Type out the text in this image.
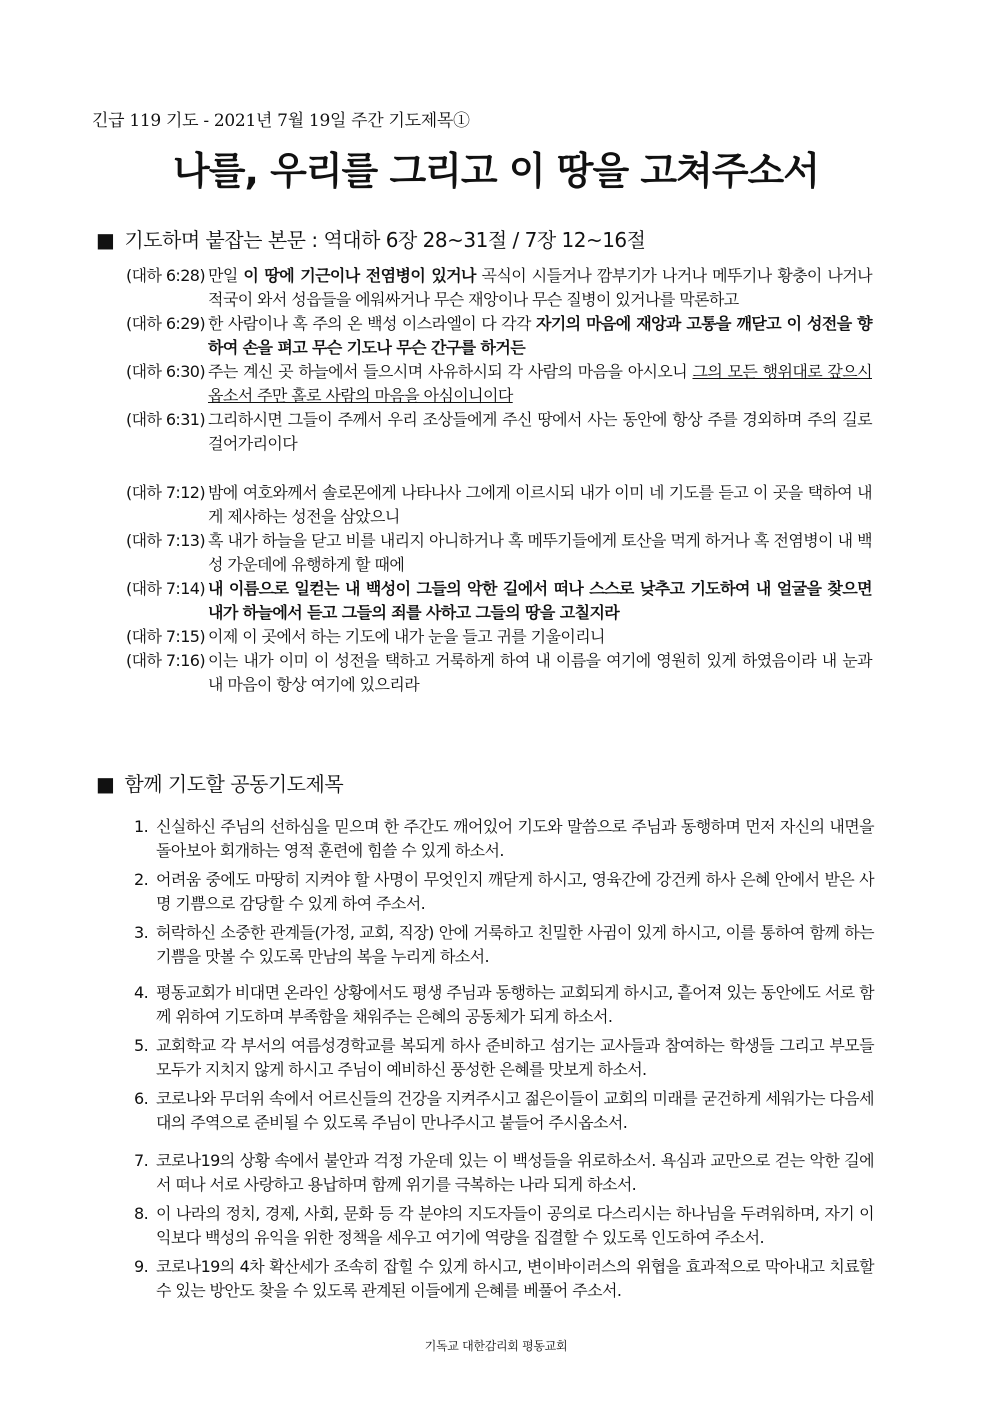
긴급 119 기도 - 2021년 7월 19일 주간 기도제목①
나를, 우리를 그리고 이 땅을 고쳐주소서
■ 기도하며 붙잡는 본문 : 역대하 6장 28~31절 / 7장 12~16절
(대하 6:28) 만일 이 땅에 기근이나 전염병이 있거나 곡식이 시들거나 깜부기가 나거나 메뚜기나 황충이 나거나 적국이 와서 성읍들을 에워싸거나 무슨 재앙이나 무슨 질병이 있거나를 막론하고
(대하 6:29) 한 사람이나 혹 주의 온 백성 이스라엘이 다 각각 자기의 마음에 재앙과 고통을 깨닫고 이 성전을 향하여 손을 펴고 무슨 기도나 무슨 간구를 하거든
(대하 6:30) 주는 계신 곳 하늘에서 들으시며 사유하시되 각 사람의 마음을 아시오니 그의 모든 행위대로 갚으시옵소서 주만 홀로 사람의 마음을 아심이니이다
(대하 6:31) 그리하시면 그들이 주께서 우리 조상들에게 주신 땅에서 사는 동안에 항상 주를 경외하며 주의 길로 걸어가리이다
(대하 7:12) 밤에 여호와께서 솔로몬에게 나타나사 그에게 이르시되 내가 이미 네 기도를 듣고 이 곳을 택하여 내게 제사하는 성전을 삼았으니
(대하 7:13) 혹 내가 하늘을 닫고 비를 내리지 아니하거나 혹 메뚜기들에게 토산을 먹게 하거나 혹 전염병이 내 백성 가운데에 유행하게 할 때에
(대하 7:14) 내 이름으로 일컫는 내 백성이 그들의 악한 길에서 떠나 스스로 낮추고 기도하여 내 얼굴을 찾으면 내가 하늘에서 듣고 그들의 죄를 사하고 그들의 땅을 고칠지라
(대하 7:15) 이제 이 곳에서 하는 기도에 내가 눈을 들고 귀를 기울이리니
(대하 7:16) 이는 내가 이미 이 성전을 택하고 거룩하게 하여 내 이름을 여기에 영원히 있게 하였음이라 내 눈과 내 마음이 항상 여기에 있으리라
■ 함께 기도할 공동기도제목
1. 신실하신 주님의 선하심을 믿으며 한 주간도 깨어있어 기도와 말씀으로 주님과 동행하며 먼저 자신의 내면을 돌아보아 회개하는 영적 훈련에 힘쓸 수 있게 하소서.
2. 어려움 중에도 마땅히 지켜야 할 사명이 무엇인지 깨닫게 하시고, 영육간에 강건케 하사 은혜 안에서 받은 사명 기쁨으로 감당할 수 있게 하여 주소서.
3. 허락하신 소중한 관계들(가정, 교회, 직장) 안에 거룩하고 친밀한 사귐이 있게 하시고, 이를 통하여 함께 하는 기쁨을 맛볼 수 있도록 만남의 복을 누리게 하소서.
4. 평동교회가 비대면 온라인 상황에서도 평생 주님과 동행하는 교회되게 하시고, 흩어져 있는 동안에도 서로 함께 위하여 기도하며 부족함을 채워주는 은혜의 공동체가 되게 하소서.
5. 교회학교 각 부서의 여름성경학교를 복되게 하사 준비하고 섬기는 교사들과 참여하는 학생들 그리고 부모들 모두가 지치지 않게 하시고 주님이 예비하신 풍성한 은혜를 맛보게 하소서.
6. 코로나와 무더위 속에서 어르신들의 건강을 지켜주시고 젊은이들이 교회의 미래를 굳건하게 세워가는 다음세대의 주역으로 준비될 수 있도록 주님이 만나주시고 붙들어 주시옵소서.
7. 코로나19의 상황 속에서 불안과 걱정 가운데 있는 이 백성들을 위로하소서. 욕심과 교만으로 걷는 악한 길에서 떠나 서로 사랑하고 용납하며 함께 위기를 극복하는 나라 되게 하소서.
8. 이 나라의 정치, 경제, 사회, 문화 등 각 분야의 지도자들이 공의로 다스리시는 하나님을 두려워하며, 자기 이익보다 백성의 유익을 위한 정책을 세우고 여기에 역량을 집결할 수 있도록 인도하여 주소서.
9. 코로나19의 4차 확산세가 조속히 잡힐 수 있게 하시고, 변이바이러스의 위협을 효과적으로 막아내고 치료할 수 있는 방안도 찾을 수 있도록 관계된 이들에게 은혜를 베풀어 주소서.
기독교 대한감리회 평동교회
